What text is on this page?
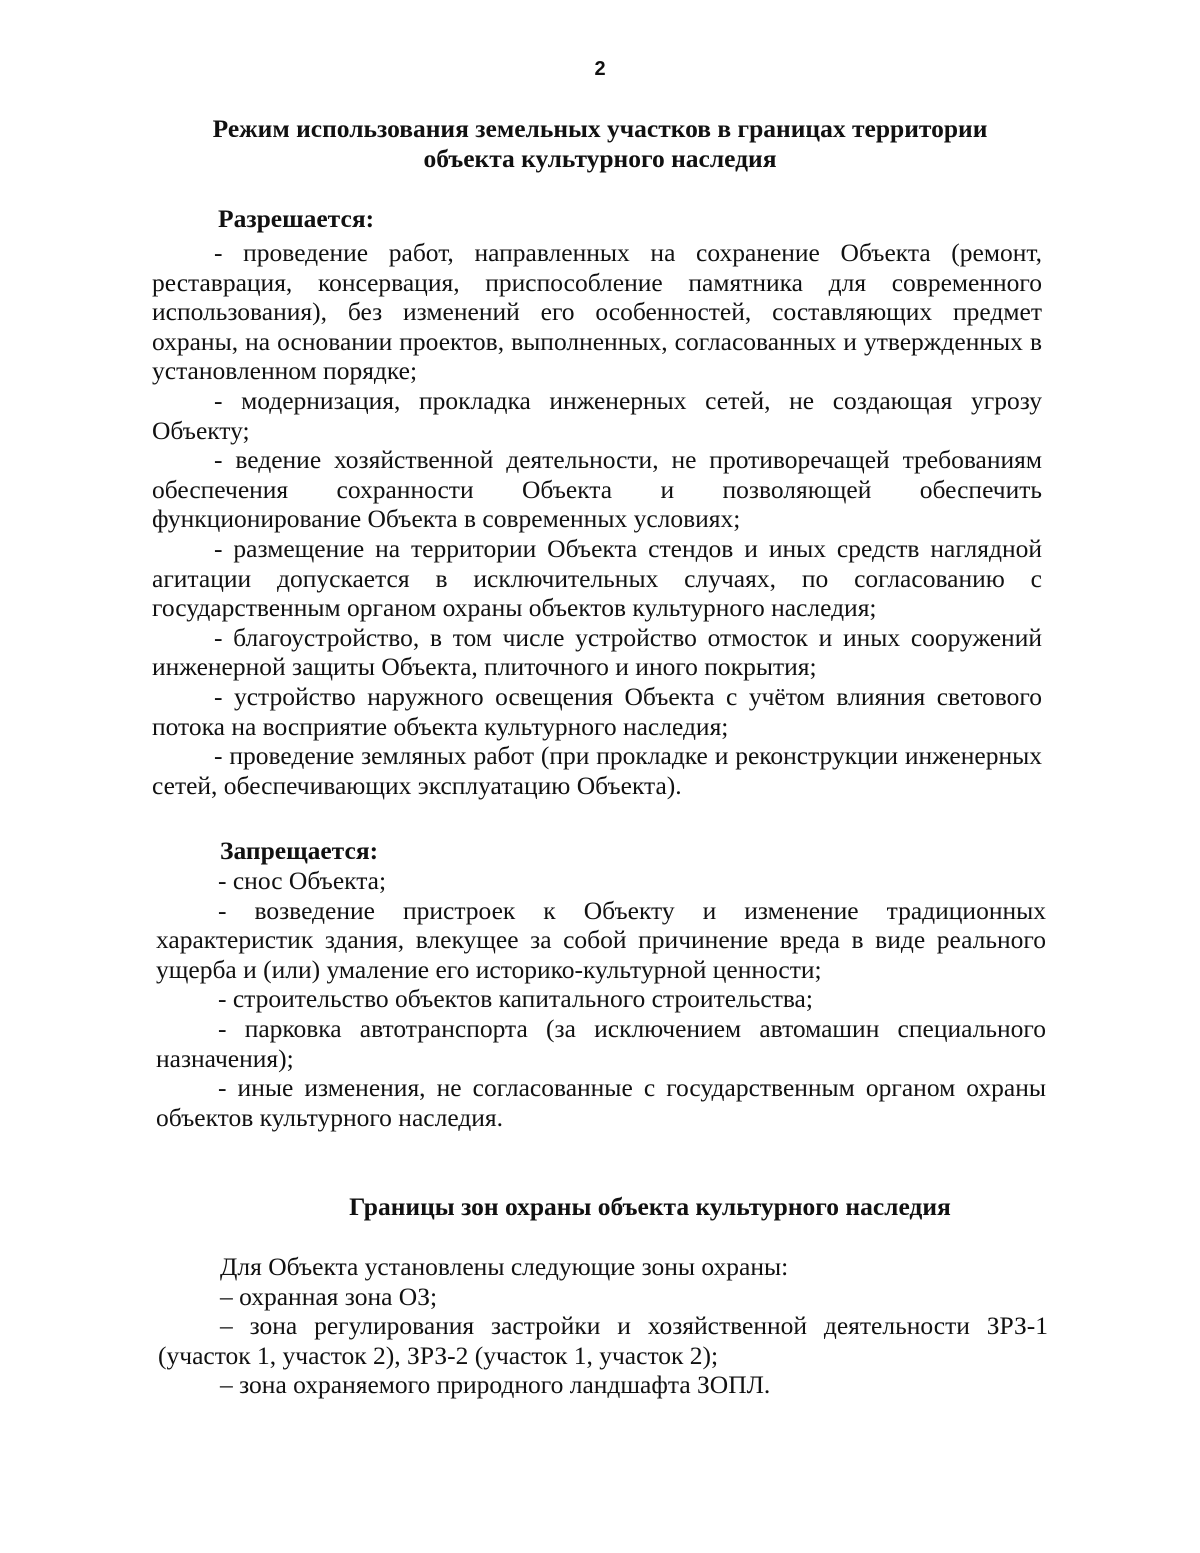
2
Режим использования земельных участков в границах территории
объекта культурного наследия
Разрешается:

- проведение работ, направленных на сохранение Объекта (ремонт, реставрация, консервация, приспособление памятника для современного использования), без изменений его особенностей, составляющих предмет охраны, на основании проектов, выполненных, согласованных и утвержденных в установленном порядке;

- модернизация, прокладка инженерных сетей, не создающая угрозу Объекту;

- ведение хозяйственной деятельности, не противоречащей требованиям обеспечения сохранности Объекта и позволяющей обеспечить функционирование Объекта в современных условиях;

- размещение на территории Объекта стендов и иных средств наглядной агитации допускается в исключительных случаях, по согласованию с государственным органом охраны объектов культурного наследия;

- благоустройство, в том числе устройство отмосток и иных сооружений инженерной защиты Объекта, плиточного и иного покрытия;

- устройство наружного освещения Объекта с учётом влияния светового потока на восприятие объекта культурного наследия;

- проведение земляных работ (при прокладке и реконструкции инженерных сетей, обеспечивающих эксплуатацию Объекта).

Запрещается:

- снос Объекта;

- возведение пристроек к Объекту и изменение традиционных характеристик здания, влекущее за собой причинение вреда в виде реального ущерба и (или) умаление его историко-культурной ценности;

- строительство объектов капитального строительства;

- парковка автотранспорта (за исключением автомашин специального назначения);

- иные изменения, не согласованные с государственным органом охраны объектов культурного наследия.

Границы зон охраны объекта культурного наследия

Для Объекта установлены следующие зоны охраны:

– охранная зона ОЗ;

– зона регулирования застройки и хозяйственной деятельности ЗРЗ-1 (участок 1, участок 2), ЗРЗ-2 (участок 1, участок 2);

– зона охраняемого природного ландшафта ЗОПЛ.
